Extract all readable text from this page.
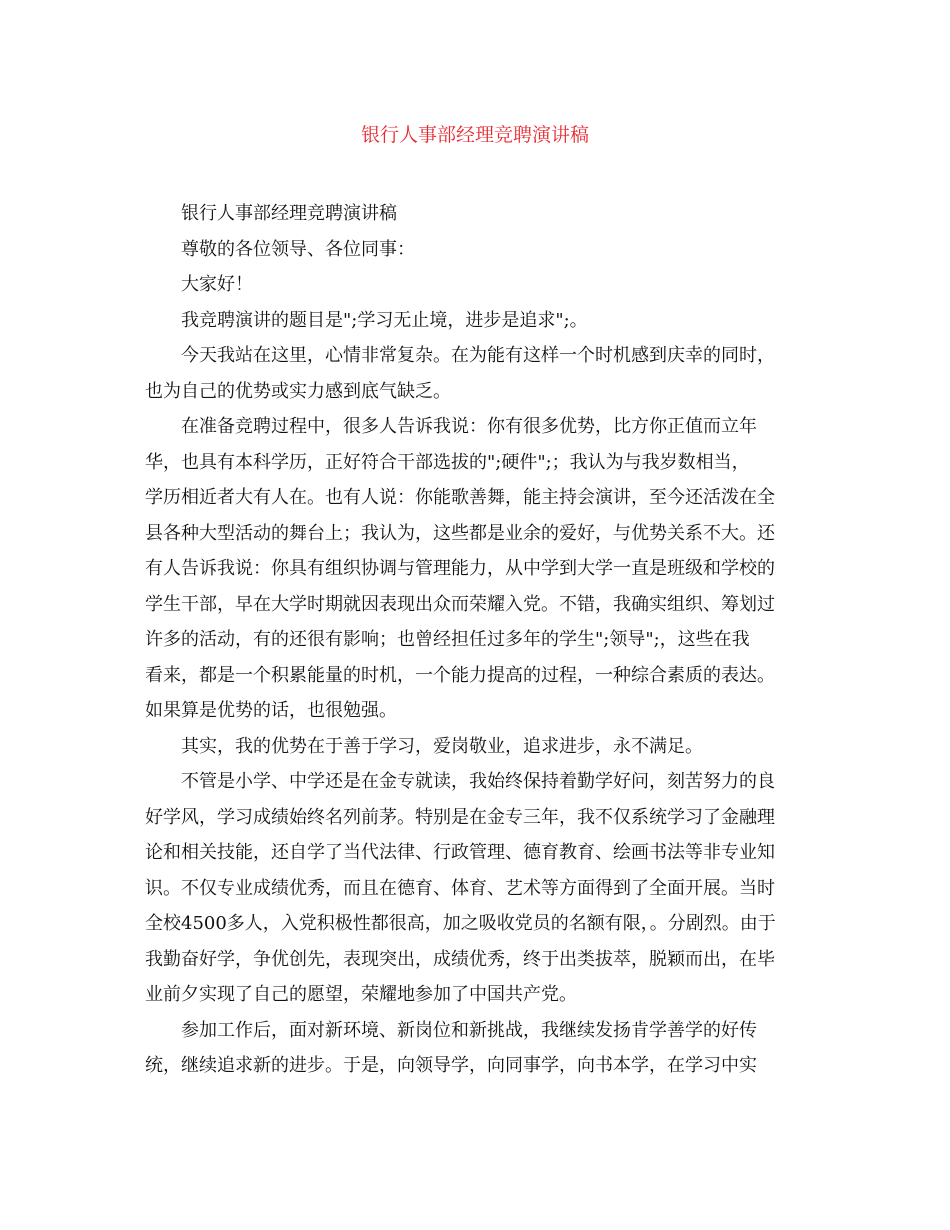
银行人事部经理竞聘演讲稿

银行人事部经理竞聘演讲稿

尊敬的各位领导、各位同事：

大家好！

我竞聘演讲的题目是";学习无止境，进步是追求";。

今天我站在这里，心情非常复杂。在为能有这样一个时机感到庆幸的同时，
也为自己的优势或实力感到底气缺乏。

在准备竞聘过程中，很多人告诉我说：你有很多优势，比方你正值而立年
华，也具有本科学历，正好符合干部选拔的";硬件";；我认为与我岁数相当，
学历相近者大有人在。也有人说：你能歌善舞，能主持会演讲，至今还活泼在全
县各种大型活动的舞台上；我认为，这些都是业余的爱好，与优势关系不大。还
有人告诉我说：你具有组织协调与管理能力，从中学到大学一直是班级和学校的
学生干部，早在大学时期就因表现出众而荣耀入党。不错，我确实组织、筹划过
许多的活动，有的还很有影响；也曾经担任过多年的学生";领导";，这些在我
看来，都是一个积累能量的时机，一个能力提高的过程，一种综合素质的表达。
如果算是优势的话，也很勉强。

其实，我的优势在于善于学习，爱岗敬业，追求进步，永不满足。

不管是小学、中学还是在金专就读，我始终保持着勤学好问，刻苦努力的良
好学风，学习成绩始终名列前茅。特别是在金专三年，我不仅系统学习了金融理
论和相关技能，还自学了当代法律、行政管理、德育教育、绘画书法等非专业知
识。不仅专业成绩优秀，而且在德育、体育、艺术等方面得到了全面开展。当时
全校4500多人，入党积极性都很高，加之吸收党员的名额有限，。分剧烈。由于
我勤奋好学，争优创先，表现突出，成绩优秀，终于出类拔萃，脱颖而出，在毕
业前夕实现了自己的愿望，荣耀地参加了中国共产党。

参加工作后，面对新环境、新岗位和新挑战，我继续发扬肯学善学的好传
统，继续追求新的进步。于是，向领导学，向同事学，向书本学，在学习中实
